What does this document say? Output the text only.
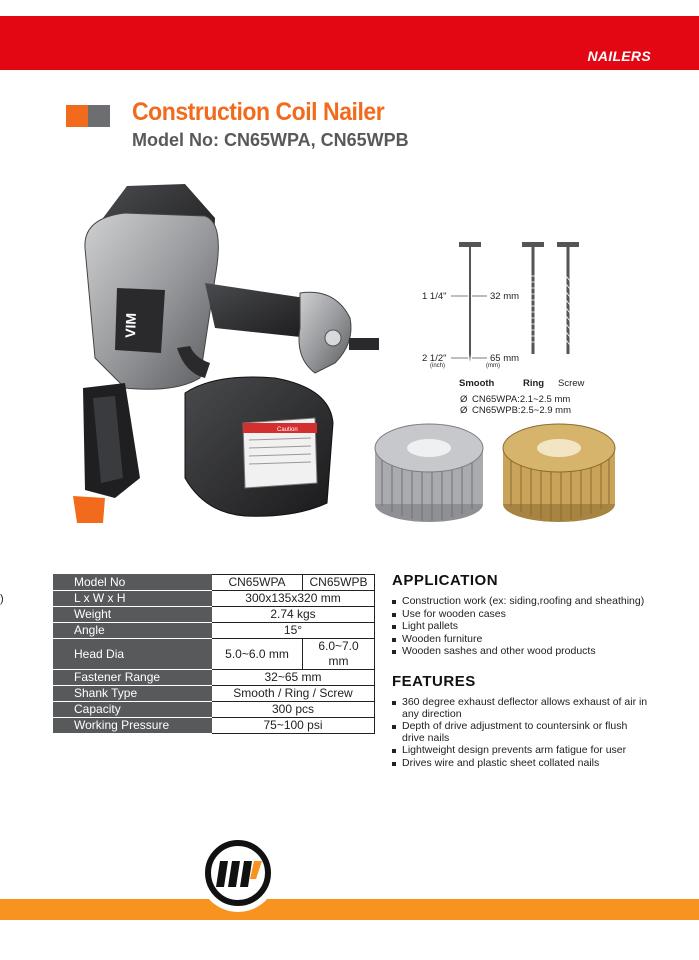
NAILERS
Construction Coil Nailer
Model No: CN65WPA, CN65WPB
VIM
Caution
1 1/4"	32 mm
2 1/2"	65 mm
(inch)	(mm)
Smooth	Ring Screw
Ø CN65WPA:2.1~2.5 mm
Ø CN65WPB:2.5~2.9 mm
)
Model No	CN65WPA	CN65WPB
L x W x H	300x135x320 mm	
Weight	2.74 kgs	
Angle	15°	
Head Dia	5.0~6.0 mm	6.0~7.0 mm
Fastener Range	32~65 mm	
Shank Type	Smooth / Ring / Screw	
Capacity	300 pcs	
Working Pressure	75~100 psi	
APPLICATION
Construction work (ex: siding,roofing and sheathing)
Use for wooden cases
Light pallets
Wooden furniture
Wooden sashes and other wood products
FEATURES
360 degree exhaust deflector allows exhaust of air in any direction
Depth of drive adjustment to countersink or flush drive nails
Lightweight design prevents arm fatigue for user
Drives wire and plastic sheet collated nails
